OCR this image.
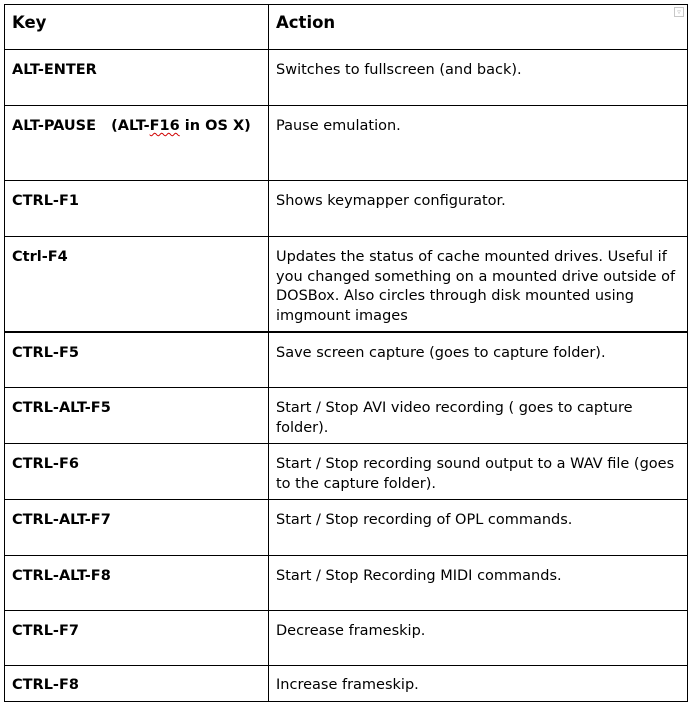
▿
Key	Action
ALT-ENTER	Switches to fullscreen (and back).
ALT-PAUSE   (ALT-F16 in OS X)	Pause emulation.
CTRL-F1	Shows keymapper configurator.
Ctrl-F4	Updates the status of cache mounted drives. Useful if you changed something on a mounted drive outside of DOSBox. Also circles through disk mounted using imgmount images
CTRL-F5	Save screen capture (goes to capture folder).
CTRL-ALT-F5	Start / Stop AVI video recording ( goes to capture folder).
CTRL-F6	Start / Stop recording sound output to a WAV file (goes to the capture folder).
CTRL-ALT-F7	Start / Stop recording of OPL commands.
CTRL-ALT-F8	Start / Stop Recording MIDI commands.
CTRL-F7	Decrease frameskip.
CTRL-F8	Increase frameskip.
